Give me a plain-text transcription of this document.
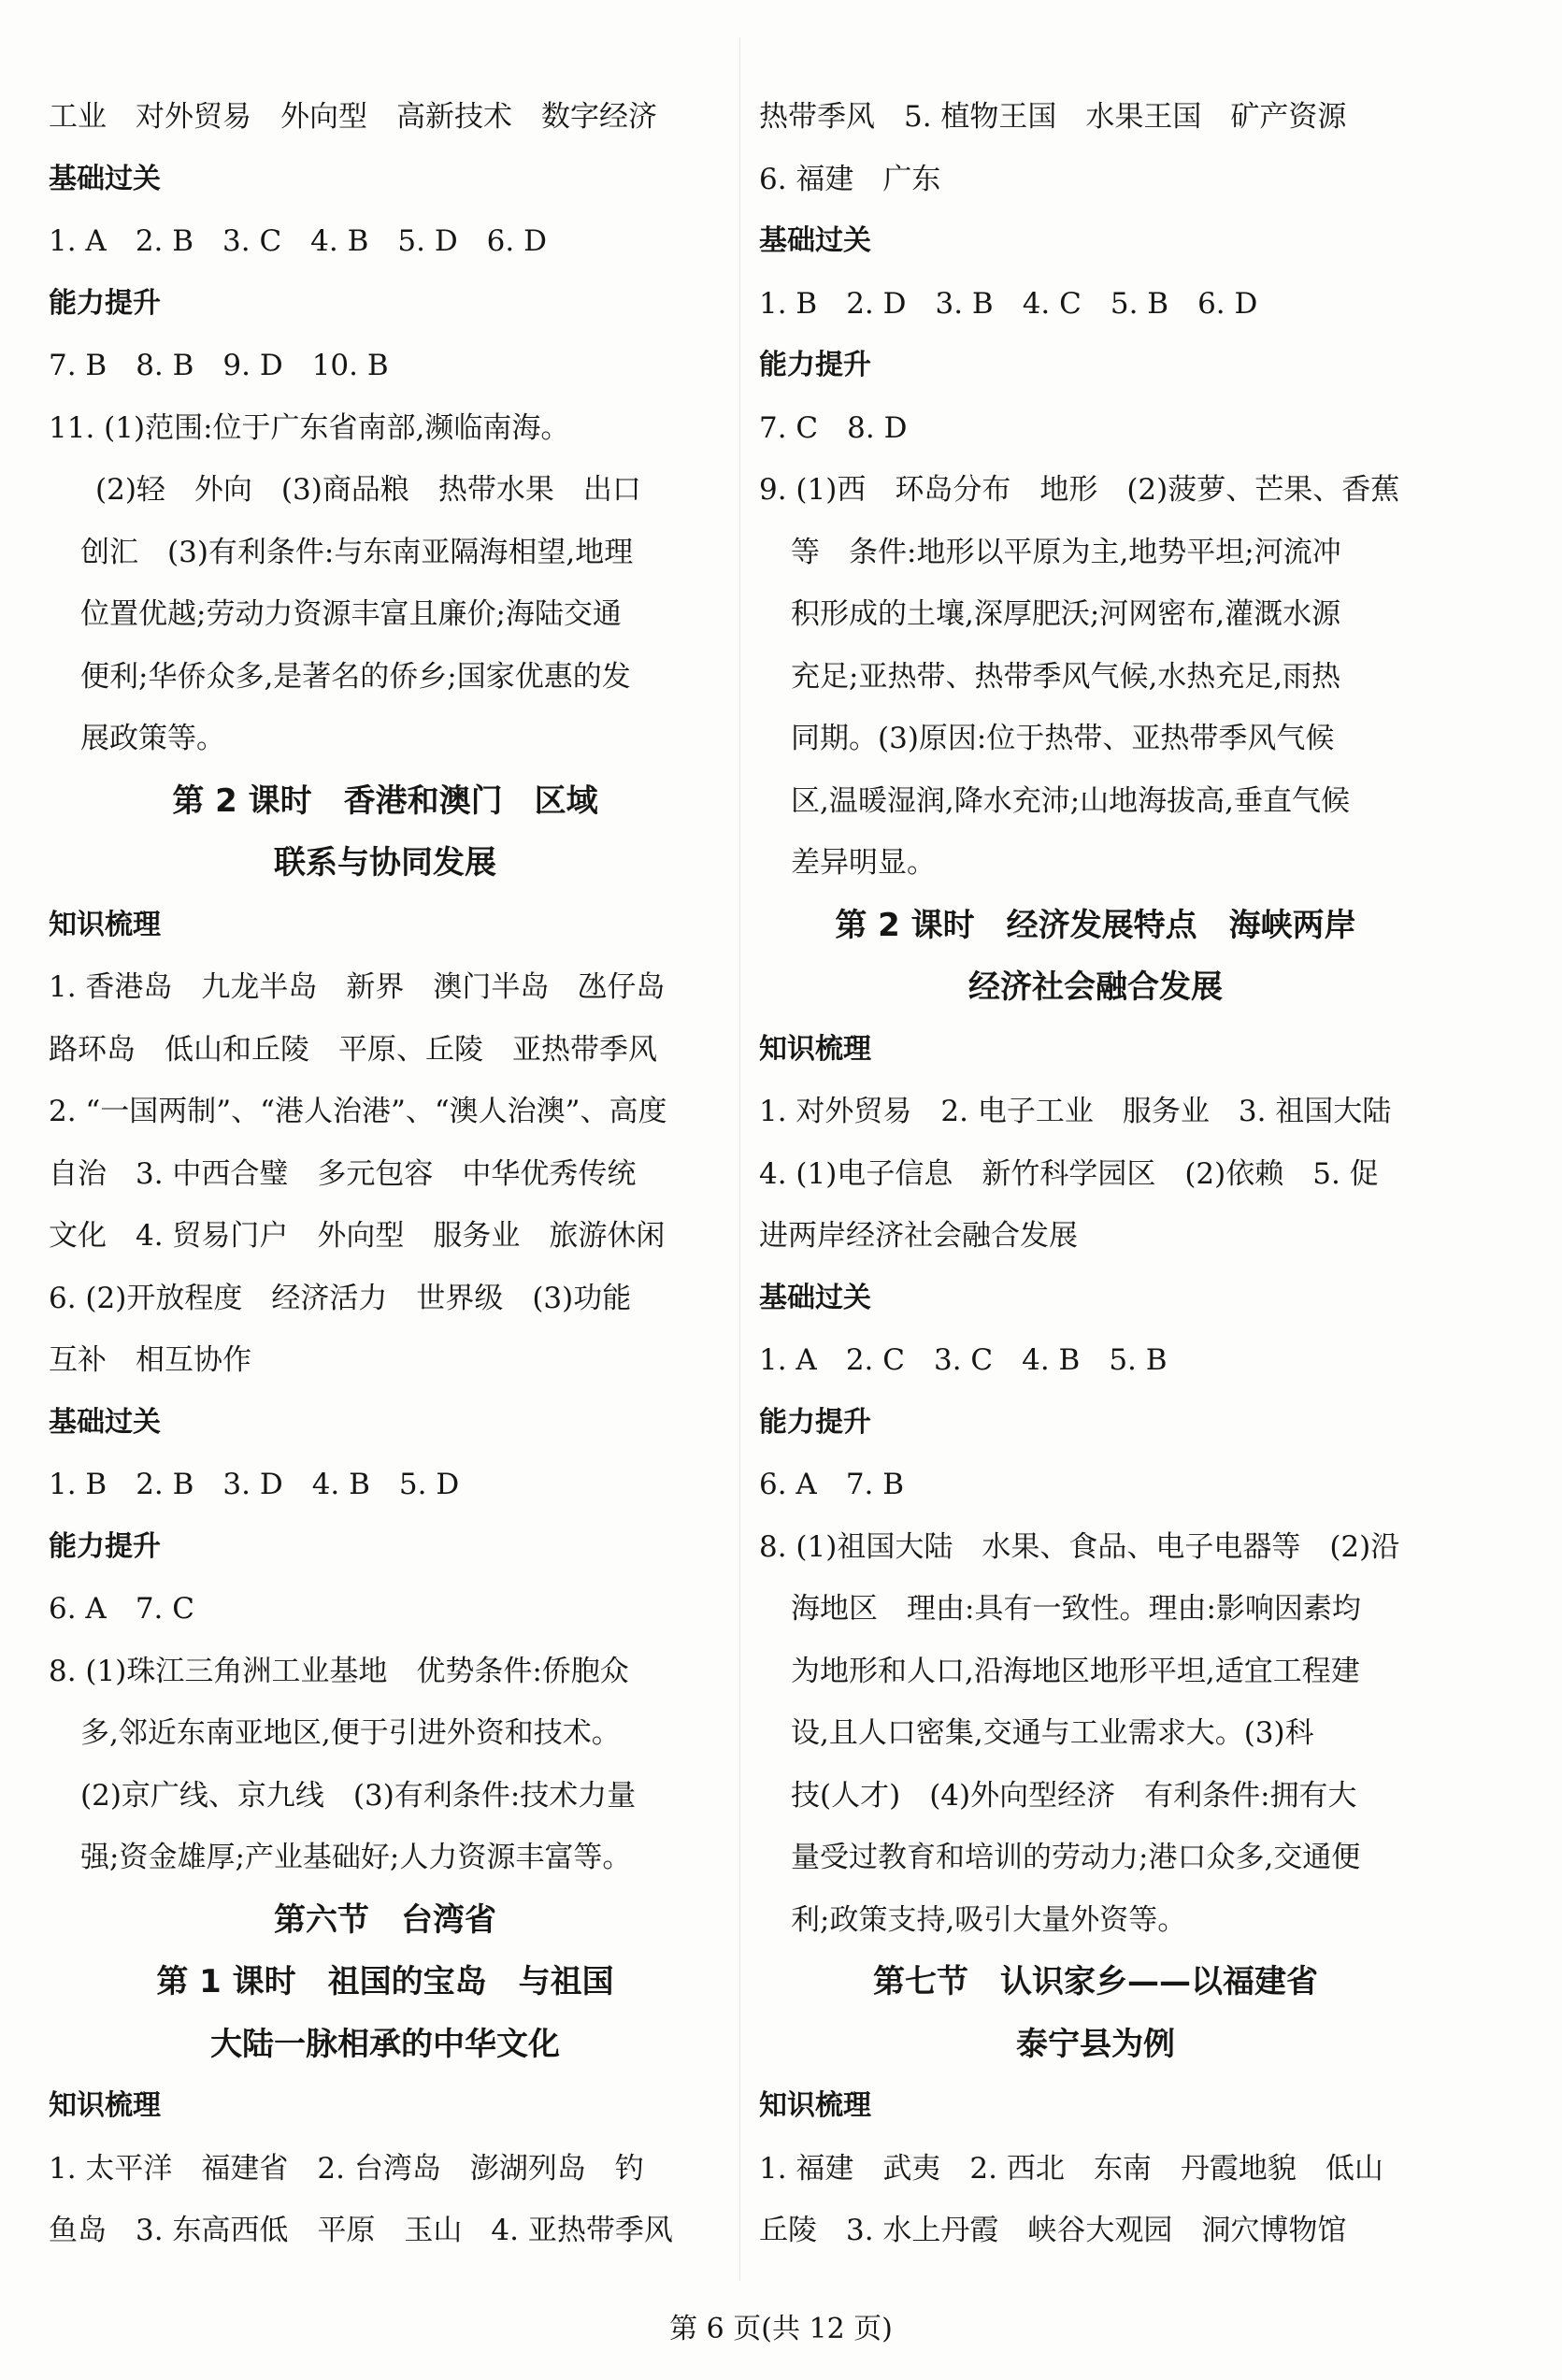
工业　对外贸易　外向型　高新技术　数字经济
基础过关
1. A　2. B　3. C　4. B　5. D　6. D
能力提升
7. B　8. B　9. D　10. B
11. (1)范围:位于广东省南部,濒临南海。
(2)轻　外向　(3)商品粮　热带水果　出口
创汇　(3)有利条件:与东南亚隔海相望,地理
位置优越;劳动力资源丰富且廉价;海陆交通
便利;华侨众多,是著名的侨乡;国家优惠的发
展政策等。
第 2 课时　香港和澳门　区域
联系与协同发展
知识梳理
1. 香港岛　九龙半岛　新界　澳门半岛　氹仔岛
路环岛　低山和丘陵　平原、丘陵　亚热带季风
2. “一国两制”、“港人治港”、“澳人治澳”、高度
自治　3. 中西合璧　多元包容　中华优秀传统
文化　4. 贸易门户　外向型　服务业　旅游休闲
6. (2)开放程度　经济活力　世界级　(3)功能
互补　相互协作
基础过关
1. B　2. B　3. D　4. B　5. D
能力提升
6. A　7. C
8. (1)珠江三角洲工业基地　优势条件:侨胞众
多,邻近东南亚地区,便于引进外资和技术。
(2)京广线、京九线　(3)有利条件:技术力量
强;资金雄厚;产业基础好;人力资源丰富等。
第六节　台湾省
第 1 课时　祖国的宝岛　与祖国
大陆一脉相承的中华文化
知识梳理
1. 太平洋　福建省　2. 台湾岛　澎湖列岛　钓
鱼岛　3. 东高西低　平原　玉山　4. 亚热带季风
热带季风　5. 植物王国　水果王国　矿产资源
6. 福建　广东
基础过关
1. B　2. D　3. B　4. C　5. B　6. D
能力提升
7. C　8. D
9. (1)西　环岛分布　地形　(2)菠萝、芒果、香蕉
等　条件:地形以平原为主,地势平坦;河流冲
积形成的土壤,深厚肥沃;河网密布,灌溉水源
充足;亚热带、热带季风气候,水热充足,雨热
同期。(3)原因:位于热带、亚热带季风气候
区,温暖湿润,降水充沛;山地海拔高,垂直气候
差异明显。
第 2 课时　经济发展特点　海峡两岸
经济社会融合发展
知识梳理
1. 对外贸易　2. 电子工业　服务业　3. 祖国大陆
4. (1)电子信息　新竹科学园区　(2)依赖　5. 促
进两岸经济社会融合发展
基础过关
1. A　2. C　3. C　4. B　5. B
能力提升
6. A　7. B
8. (1)祖国大陆　水果、食品、电子电器等　(2)沿
海地区　理由:具有一致性。理由:影响因素均
为地形和人口,沿海地区地形平坦,适宜工程建
设,且人口密集,交通与工业需求大。(3)科
技(人才)　(4)外向型经济　有利条件:拥有大
量受过教育和培训的劳动力;港口众多,交通便
利;政策支持,吸引大量外资等。
第七节　认识家乡——以福建省
泰宁县为例
知识梳理
1. 福建　武夷　2. 西北　东南　丹霞地貌　低山
丘陵　3. 水上丹霞　峡谷大观园　洞穴博物馆
第 6 页(共 12 页)
